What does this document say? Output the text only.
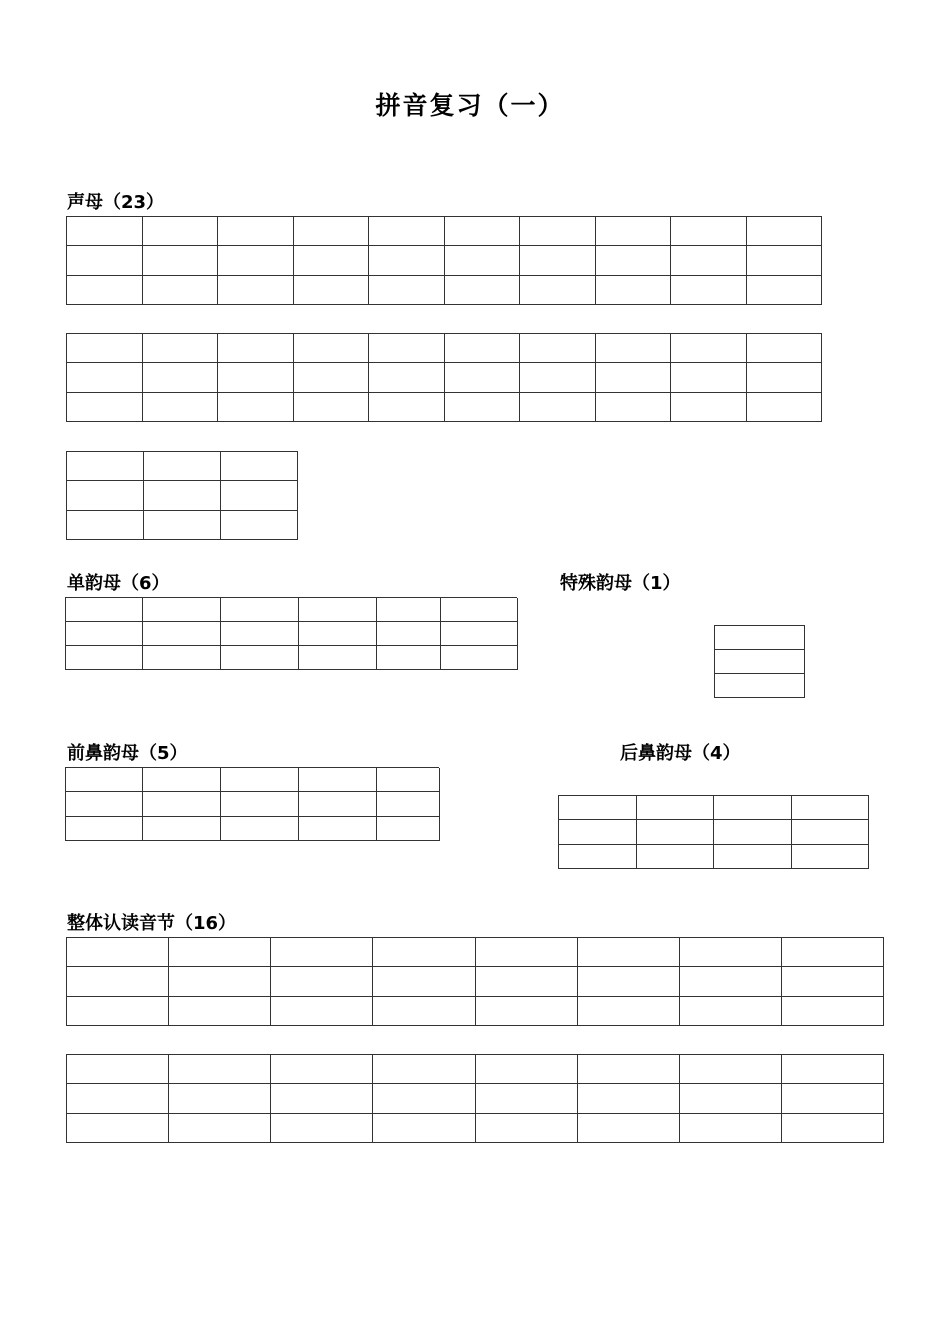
拼音复习（一）
声母（23）
单韵母（6）	特殊韵母（1）
前鼻韵母（5）	后鼻韵母（4）
整体认读音节（16）
